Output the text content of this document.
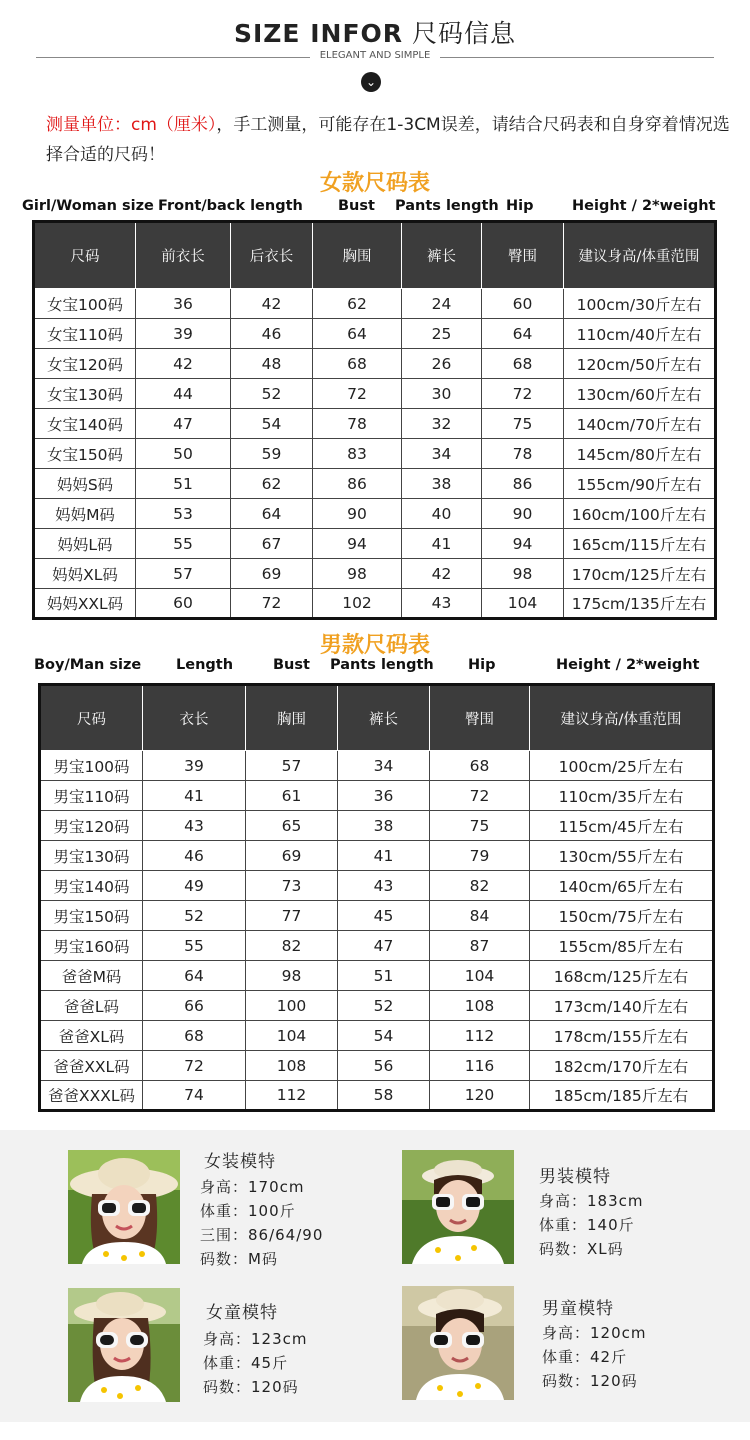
SIZE INFOR 尺码信息
ELEGANT AND SIMPLE
⌄
测量单位：cm（厘米），手工测量，可能存在1-3CM误差，请结合尺码表和自身穿着情况选择合适的尺码！
女款尺码表
Girl/Woman size Front/back length Bust Pants length Hip	Height / 2*weight
尺码	前衣长	后衣长	胸围	裤长	臀围	建议身高/体重范围
女宝100码	36	42	62	24	60	100cm/30斤左右
女宝110码	39	46	64	25	64	110cm/40斤左右
女宝120码	42	48	68	26	68	120cm/50斤左右
女宝130码	44	52	72	30	72	130cm/60斤左右
女宝140码	47	54	78	32	75	140cm/70斤左右
女宝150码	50	59	83	34	78	145cm/80斤左右
妈妈S码	51	62	86	38	86	155cm/90斤左右
妈妈M码	53	64	90	40	90	160cm/100斤左右
妈妈L码	55	67	94	41	94	165cm/115斤左右
妈妈XL码	57	69	98	42	98	170cm/125斤左右
妈妈XXL码	60	72	102	43	104	175cm/135斤左右
男款尺码表
Boy/Man size Length	Bust Pants length Hip	Height / 2*weight
尺码	衣长	胸围	裤长	臀围	建议身高/体重范围
男宝100码	39	57	34	68	100cm/25斤左右
男宝110码	41	61	36	72	110cm/35斤左右
男宝120码	43	65	38	75	115cm/45斤左右
男宝130码	46	69	41	79	130cm/55斤左右
男宝140码	49	73	43	82	140cm/65斤左右
男宝150码	52	77	45	84	150cm/75斤左右
男宝160码	55	82	47	87	155cm/85斤左右
爸爸M码	64	98	51	104	168cm/125斤左右
爸爸L码	66	100	52	108	173cm/140斤左右
爸爸XL码	68	104	54	112	178cm/155斤左右
爸爸XXL码	72	108	56	116	182cm/170斤左右
爸爸XXXL码	74	112	58	120	185cm/185斤左右
女装模特
身高：170cm
体重：100斤
三围：86/64/90
码数：M码
男装模特
身高：183cm
体重：140斤
码数：XL码
女童模特
身高：123cm
体重：45斤
码数：120码
男童模特
身高：120cm
体重：42斤
码数：120码
